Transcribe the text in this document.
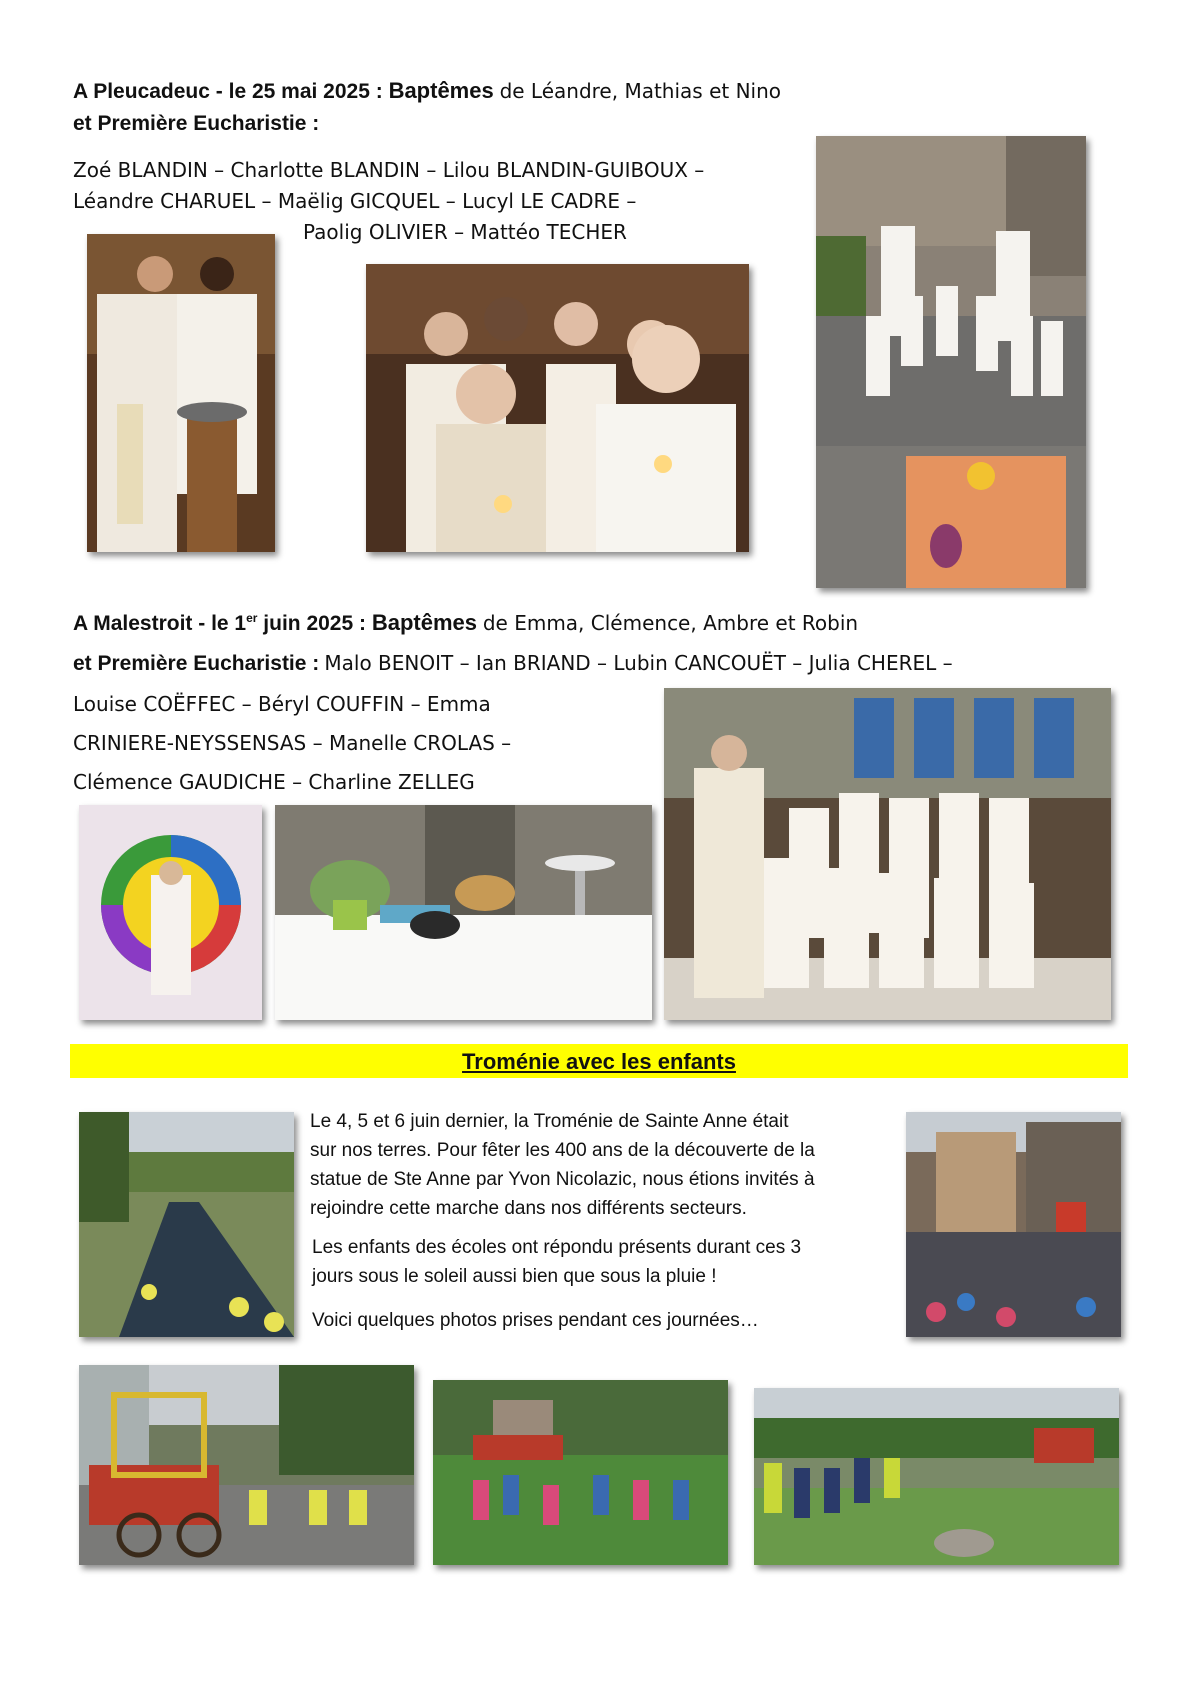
A Pleucadeuc - le 25 mai 2025 : Baptêmes de Léandre, Mathias et Nino
et Première Eucharistie :
Zoé BLANDIN – Charlotte BLANDIN – Lilou BLANDIN-GUIBOUX –
Léandre CHARUEL – Maëlig GICQUEL – Lucyl LE CADRE –
Paolig OLIVIER – Mattéo TECHER
A Malestroit - le 1er juin 2025 : Baptêmes de Emma, Clémence, Ambre et Robin
et Première Eucharistie : Malo BENOIT – Ian BRIAND – Lubin CANCOUËT – Julia CHEREL –
Louise COËFFEC – Béryl COUFFIN – Emma
CRINIERE-NEYSSENSAS – Manelle CROLAS –
Clémence GAUDICHE – Charline ZELLEG
Troménie avec les enfants
Le 4, 5 et 6 juin dernier, la Troménie de Sainte Anne était
sur nos terres. Pour fêter les 400 ans de la découverte de la
statue de Ste Anne par Yvon Nicolazic, nous étions invités à
rejoindre cette marche dans nos différents secteurs.
Les enfants des écoles ont répondu présents durant ces 3
jours sous le soleil aussi bien que sous la pluie !
Voici quelques photos prises pendant ces journées…
